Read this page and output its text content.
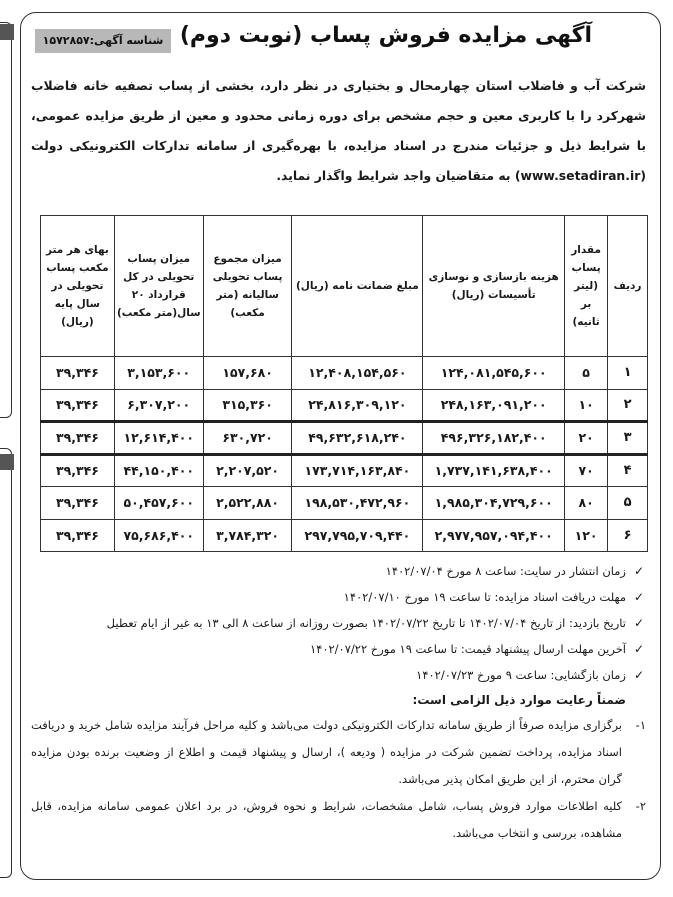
آگهی مزایده فروش پساب (نوبت دوم)
شناسه آگهی:۱۵۷۲۸۵۷

شرکت آب و فاضلاب استان چهارمحال و بختیاری در نظر دارد، بخشی از پساب تصفیه خانه فاضلاب شهرکرد را با کاربری معین و حجم مشخص برای دوره زمانی محدود و معین از طریق مزایده عمومی، با شرایط ذیل و جزئیات مندرج در اسناد مزایده، با بهره‌گیری از سامانه تدارکات الکترونیکی دولت (www.setadiran.ir) به متقاضیان واجد شرایط واگذار نماید.

ردیف	مقدار پساب (لیتر بر ثانیه)	هزینه بازسازی و نوسازی تأسیسات (ریال)	مبلغ ضمانت نامه (ریال)	میزان مجموع پساب تحویلی سالیانه (متر مکعب)	میزان پساب تحویلی در کل قرارداد ۲۰ سال(متر مکعب)	بهای هر متر مکعب پساب تحویلی در سال پایه (ریال)
۱	۵	۱۲۴,۰۸۱,۵۴۵,۶۰۰	۱۲,۴۰۸,۱۵۴,۵۶۰	۱۵۷,۶۸۰	۳,۱۵۳,۶۰۰	۳۹,۳۴۶
۲	۱۰	۲۴۸,۱۶۳,۰۹۱,۲۰۰	۲۴,۸۱۶,۳۰۹,۱۲۰	۳۱۵,۳۶۰	۶,۳۰۷,۲۰۰	۳۹,۳۴۶
۳	۲۰	۴۹۶,۳۲۶,۱۸۲,۴۰۰	۴۹,۶۳۲,۶۱۸,۲۴۰	۶۳۰,۷۲۰	۱۲,۶۱۴,۴۰۰	۳۹,۳۴۶
۴	۷۰	۱,۷۳۷,۱۴۱,۶۳۸,۴۰۰	۱۷۳,۷۱۴,۱۶۳,۸۴۰	۲,۲۰۷,۵۲۰	۴۴,۱۵۰,۴۰۰	۳۹,۳۴۶
۵	۸۰	۱,۹۸۵,۳۰۴,۷۲۹,۶۰۰	۱۹۸,۵۳۰,۴۷۲,۹۶۰	۲,۵۲۲,۸۸۰	۵۰,۴۵۷,۶۰۰	۳۹,۳۴۶
۶	۱۲۰	۲,۹۷۷,۹۵۷,۰۹۴,۴۰۰	۲۹۷,۷۹۵,۷۰۹,۴۴۰	۳,۷۸۴,۳۲۰	۷۵,۶۸۶,۴۰۰	۳۹,۳۴۶
✓
زمان انتشار در سایت: ساعت ۸ مورخ ۱۴۰۲/۰۷/۰۴
✓
مهلت دریافت اسناد مزایده: تا ساعت ۱۹ مورخ ۱۴۰۲/۰۷/۱۰
✓
تاریخ بازدید: از تاریخ ۱۴۰۲/۰۷/۰۴ تا تاریخ ۱۴۰۲/۰۷/۲۲ بصورت روزانه از ساعت ۸ الی ۱۳ به غیر از ایام تعطیل
✓
آخرین مهلت ارسال پیشنهاد قیمت: تا ساعت ۱۹ مورخ ۱۴۰۲/۰۷/۲۲
✓
زمان بازگشایی: ساعت ۹ مورخ ۱۴۰۲/۰۷/۲۳
ضمناً رعایت موارد ذیل الزامی است:
۱-
برگزاری مزایده صرفاً از طریق سامانه تدارکات الکترونیکی دولت می‌باشد و کلیه مراحل فرآیند مزایده شامل خرید و دریافت اسناد مزایده، پرداخت تضمین شرکت در مزایده ( ودیعه )، ارسال و پیشنهاد قیمت و اطلاع از وضعیت برنده بودن مزایده گران محترم، از این طریق امکان پذیر می‌باشد.
۲-
کلیه اطلاعات موارد فروش پساب، شامل مشخصات، شرایط و نحوه فروش، در برد اعلان عمومی سامانه مزایده، قابل مشاهده، بررسی و انتخاب می‌باشد.
